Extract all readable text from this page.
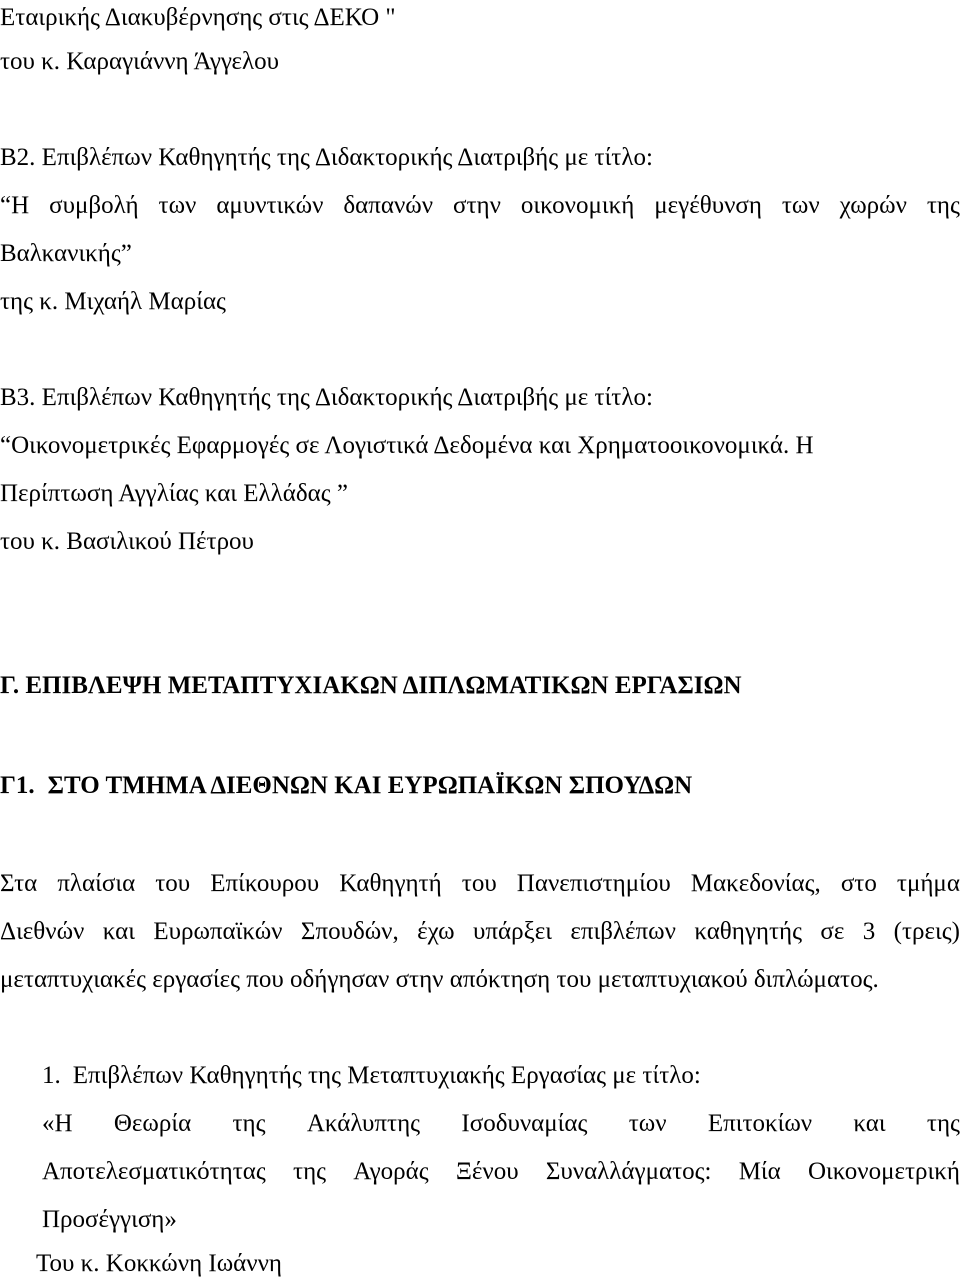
Εταιρικής Διακυβέρνησης στις ΔΕΚΟ "
του κ. Καραγιάννη Άγγελου
Β2. Επιβλέπων Καθηγητής της Διδακτορικής Διατριβής με τίτλο:
“Η συμβολή των αμυντικών δαπανών στην οικονομική μεγέθυνση των χωρών της
Βαλκανικής”
της κ. Μιχαήλ Μαρίας
Β3. Επιβλέπων Καθηγητής της Διδακτορικής Διατριβής με τίτλο:
“Οικονομετρικές Εφαρμογές σε Λογιστικά Δεδομένα και Χρηματοοικονομικά. Η
Περίπτωση Αγγλίας και Ελλάδας ”
του κ. Βασιλικού Πέτρου
Γ. ΕΠΙΒΛΕΨΗ ΜΕΤΑΠΤΥΧΙΑΚΩΝ ΔΙΠΛΩΜΑΤΙΚΩΝ ΕΡΓΑΣΙΩΝ
Γ1. ΣΤΟ ΤΜΗΜΑ ΔΙΕΘΝΩΝ ΚΑΙ ΕΥΡΩΠΑΪΚΩΝ ΣΠΟΥΔΩΝ
Στα πλαίσια του Επίκουρου Καθηγητή του Πανεπιστημίου Μακεδονίας, στο τμήμα
Διεθνών και Ευρωπαϊκών Σπουδών, έχω υπάρξει επιβλέπων καθηγητής σε 3 (τρεις)
μεταπτυχιακές εργασίες που οδήγησαν στην απόκτηση του μεταπτυχιακού διπλώματος.
1. Επιβλέπων Καθηγητής της Μεταπτυχιακής Εργασίας με τίτλο:
«Η Θεωρία της Ακάλυπτης Ισοδυναμίας των Επιτοκίων και της
Αποτελεσματικότητας της Αγοράς Ξένου Συναλλάγματος: Μία Οικονομετρική
Προσέγγιση»
Του κ. Κοκκώνη Ιωάννη
